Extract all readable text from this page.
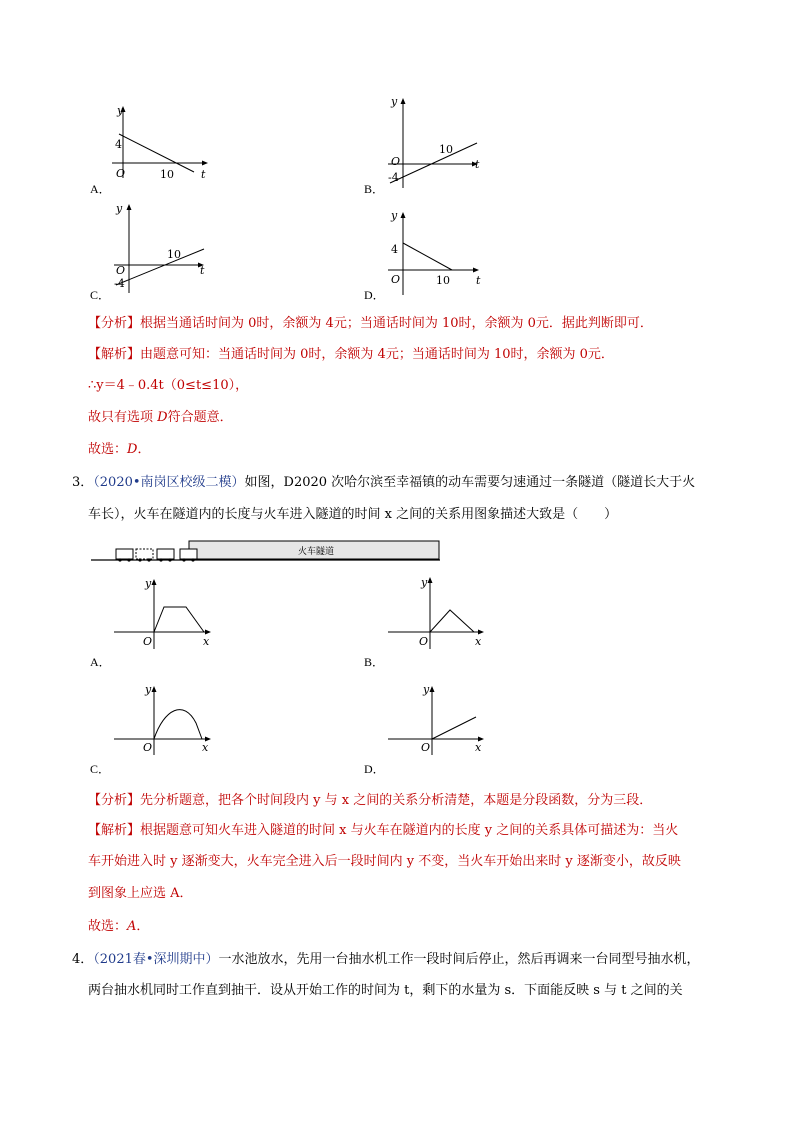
y
4
O	10 t
A．
y
O
-4
10
t
B．
y
O
-4
10
t
C．
y
4
O	10 t
D．
【分析】根据当通话时间为 0时，余额为 4元；当通话时间为 10时，余额为 0元．据此判断即可．
【解析】由题意可知：当通话时间为 0时，余额为 4元；当通话时间为 10时，余额为 0元．
∴y＝4﹣0.4t（0≤t≤10），
故只有选项 D符合题意．
故选：D．
3．（2020•南岗区校级二模）如图，D2020 次哈尔滨至幸福镇的动车需要匀速通过一条隧道（隧道长大于火
车长），火车在隧道内的长度与火车进入隧道的时间 x 之间的关系用图象描述大致是（　　）
火车隧道
y
O	x
A．
y
O	x
B．
y
O	x
C．
y
O	x
D．
【分析】先分析题意，把各个时间段内 y 与 x 之间的关系分析清楚，本题是分段函数，分为三段．
【解析】根据题意可知火车进入隧道的时间 x 与火车在隧道内的长度 y 之间的关系具体可描述为：当火
车开始进入时 y 逐渐变大，火车完全进入后一段时间内 y 不变，当火车开始出来时 y 逐渐变小，故反映
到图象上应选 A．
故选：A．
4．（2021春•深圳期中）一水池放水，先用一台抽水机工作一段时间后停止，然后再调来一台同型号抽水机，
两台抽水机同时工作直到抽干．设从开始工作的时间为 t，剩下的水量为 s．下面能反映 s 与 t 之间的关
